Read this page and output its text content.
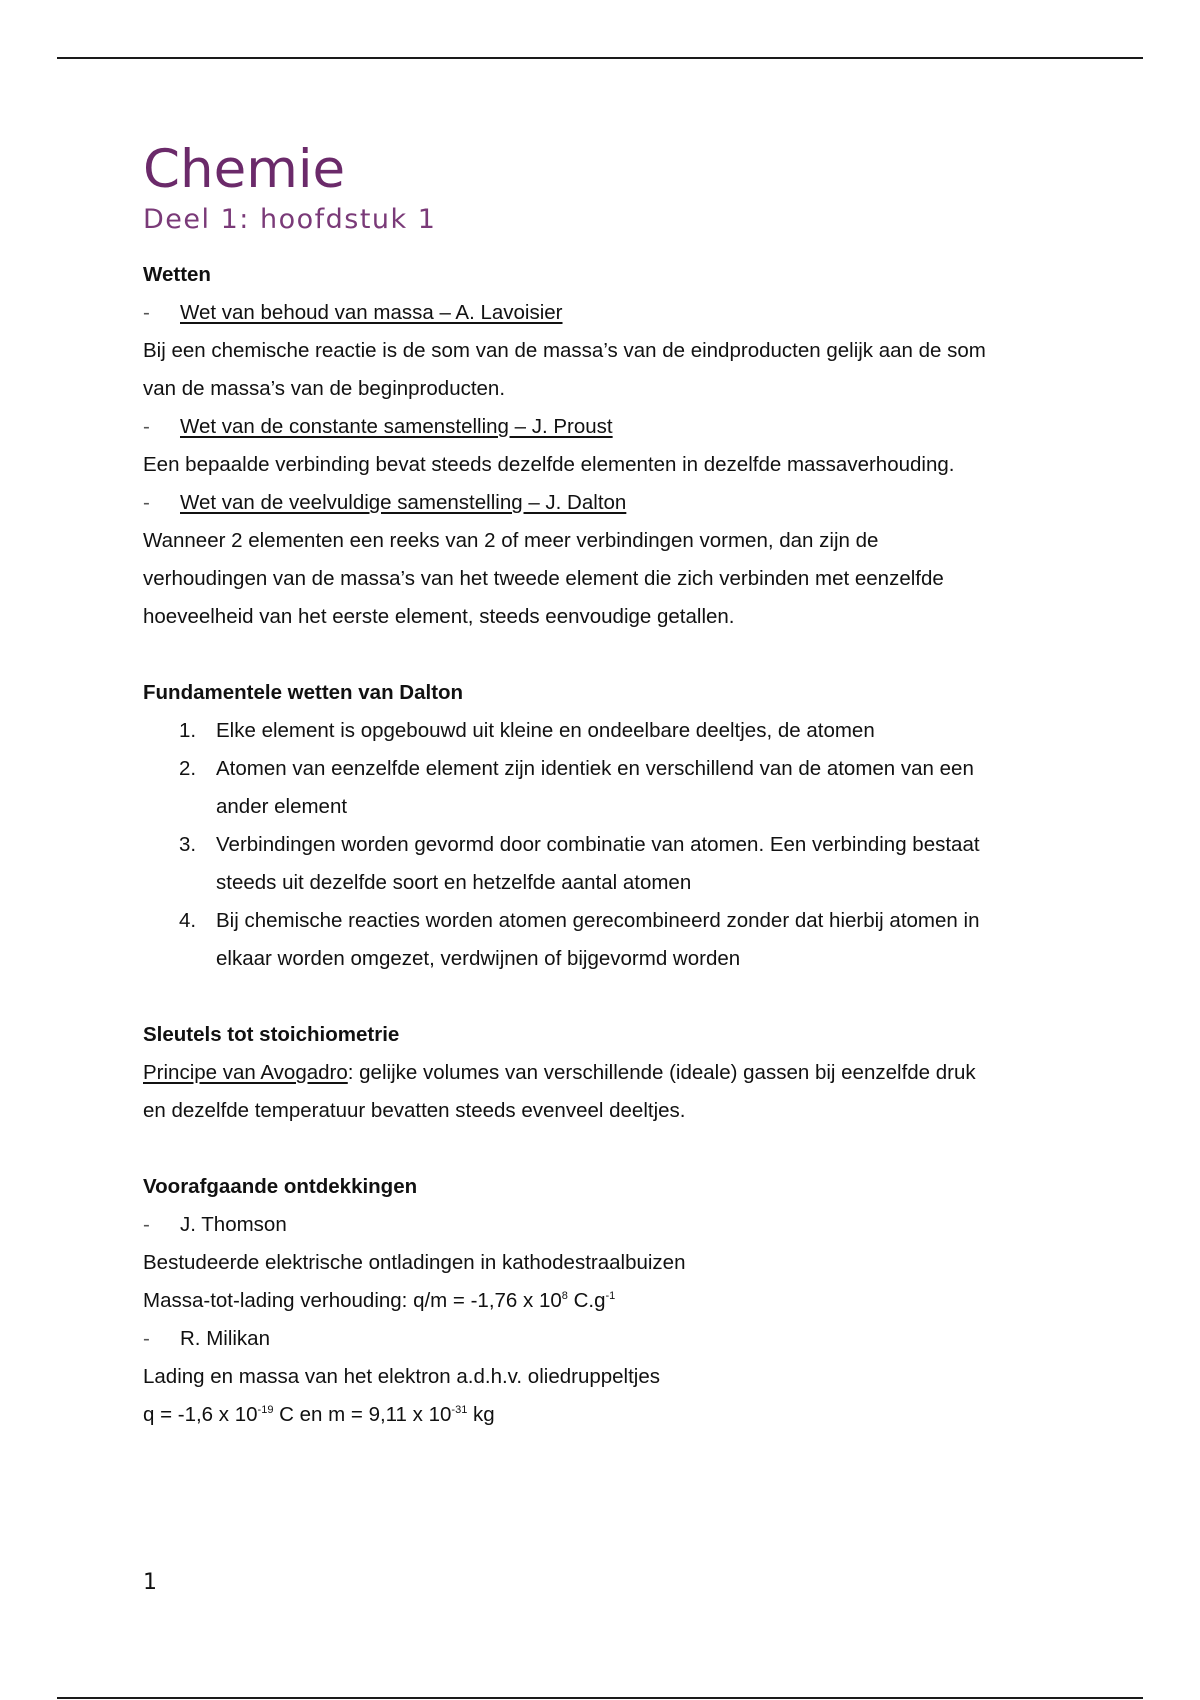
Chemie
Deel 1: hoofdstuk 1
Wetten
-	Wet van behoud van massa – A. Lavoisier
Bij een chemische reactie is de som van de massa’s van de eindproducten gelijk aan de som
van de massa’s van de beginproducten.
-	Wet van de constante samenstelling – J. Proust
Een bepaalde verbinding bevat steeds dezelfde elementen in dezelfde massaverhouding.
-	Wet van de veelvuldige samenstelling – J. Dalton
Wanneer 2 elementen een reeks van 2 of meer verbindingen vormen, dan zijn de
verhoudingen van de massa’s van het tweede element die zich verbinden met eenzelfde
hoeveelheid van het eerste element, steeds eenvoudige getallen.
Fundamentele wetten van Dalton
1. Elke element is opgebouwd uit kleine en ondeelbare deeltjes, de atomen
2. Atomen van eenzelfde element zijn identiek en verschillend van de atomen van een
ander element
3. Verbindingen worden gevormd door combinatie van atomen. Een verbinding bestaat
steeds uit dezelfde soort en hetzelfde aantal atomen
4. Bij chemische reacties worden atomen gerecombineerd zonder dat hierbij atomen in
elkaar worden omgezet, verdwijnen of bijgevormd worden
Sleutels tot stoichiometrie
Principe van Avogadro: gelijke volumes van verschillende (ideale) gassen bij eenzelfde druk
en dezelfde temperatuur bevatten steeds evenveel deeltjes.
Voorafgaande ontdekkingen
-	J. Thomson
Bestudeerde elektrische ontladingen in kathodestraalbuizen
Massa-tot-lading verhouding: q/m = -1,76 x $10^8$ $C.g^{-1}$
-	R. Milikan
Lading en massa van het elektron a.d.h.v. oliedruppeltjes
q = -1,6 x $10^{-19}$ C en m = 9,11 x $10^{-31}$ kg
1
